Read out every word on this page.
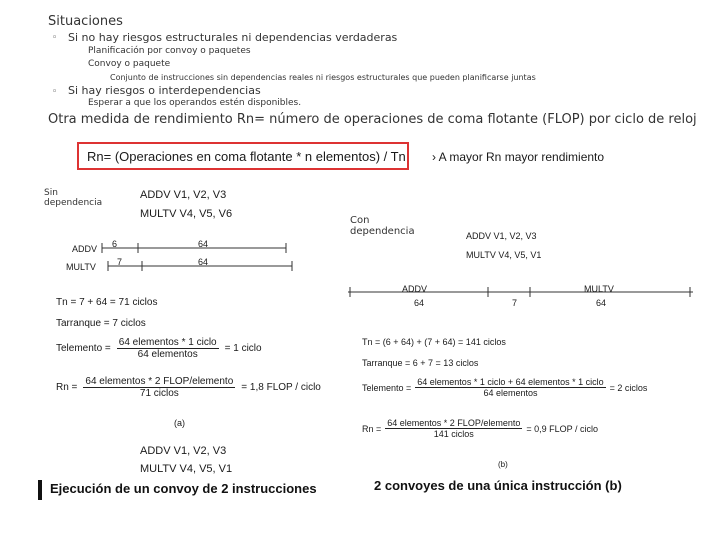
Situaciones
◦ Si no hay riesgos estructurales ni dependencias verdaderas
Planificación por convoy o paquetes
Convoy o paquete
Conjunto de instrucciones sin dependencias reales ni riesgos estructurales que pueden planificarse juntas
◦ Si hay riesgos o interdependencias
Esperar a que los operandos estén disponibles.
Otra medida de rendimiento Rn= número de operaciones de coma flotante (FLOP) por ciclo de reloj
Rn= (Operaciones en coma flotante * n elementos) / Tn › A mayor Rn mayor rendimiento
Sin dependencia
ADDV V1, V2, V3
MULTV V4, V5, V6
ADDV
MULTV
6	64
7	64
Tn = 7 + 64 = 71 ciclos
Tarranque = 7 ciclos
Telemento = $\frac{\text{64 elementos * 1 ciclo}}{\text{64 elementos}} = 1$ ciclo
$Rn = \frac{\text{64 elementos * 2 FLOP/elemento}}{\text{71 ciclos}} = 1,8$ FLOP / ciclo
(a)
ADDV V1, V2, V3
MULTV V4, V5, V1
Ejecución de un convoy de 2 instrucciones
Con dependencia	ADDV V1, V2, V3
MULTV V4, V5, V1
ADDV	MULTV
64	7	64
Tn = (6 + 64) + (7 + 64) = 141 ciclos
Tarranque = 6 + 7 = 13 ciclos
Telemento = $\frac{\text{64 elementos * 1 ciclo + 64 elementos * 1 ciclo}}{\text{64 elementos}} = 2$ ciclos
$Rn = \frac{\text{64 elementos * 2 FLOP/elemento}}{\text{141 ciclos}} = 0,9$ FLOP / ciclo
(b)
2 convoyes de una única instrucción (b)
